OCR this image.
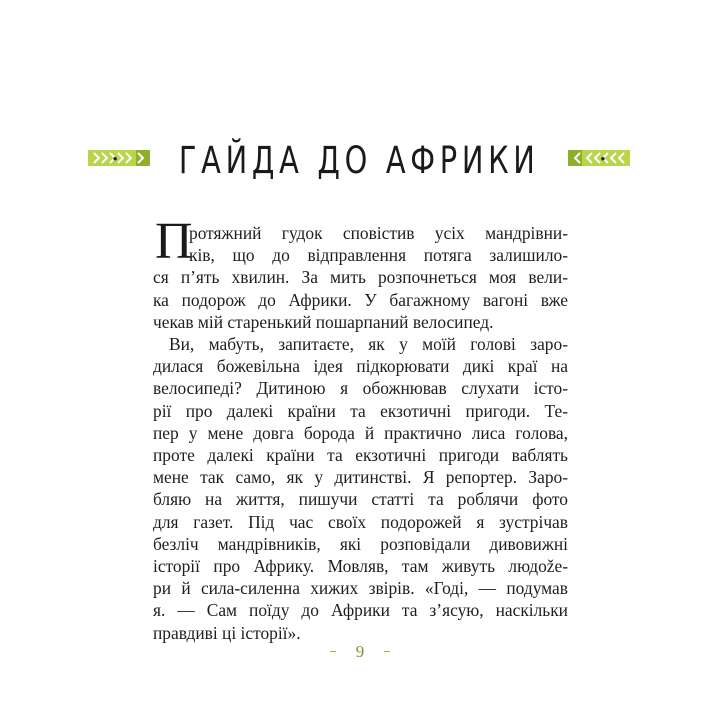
• ГАЙДА ДО АФРИКИ	•
П
ротяжний гудок сповістив усіх мандрівни-
ків, що до відправлення потяга залишило-
ся п’ять хвилин. За мить розпочнеться моя вели-
ка подорож до Африки. У багажному вагоні вже
чекав мій старенький пошарпаний велосипед.
Ви, мабуть, запитаєте, як у моїй голові заро-
дилася божевільна ідея підкорювати дикі краї на
велосипеді? Дитиною я обожнював слухати істо-
рії про далекі країни та екзотичні пригоди. Те-
пер у мене довга борода й практично лиса голова,
проте далекі країни та екзотичні пригоди ваблять
мене так само, як у дитинстві. Я репортер. Заро-
бляю на життя, пишучи статті та роблячи фото
для газет. Під час своїх подорожей я зустрічав
безліч мандрівників, які розповідали дивовижні
історії про Африку. Мовляв, там живуть людože-
ри й сила-силенна хижих звірів. «Годі, — подумав
я. — Сам поїду до Африки та з’ясую, наскільки
правдиві ці історії».
9
